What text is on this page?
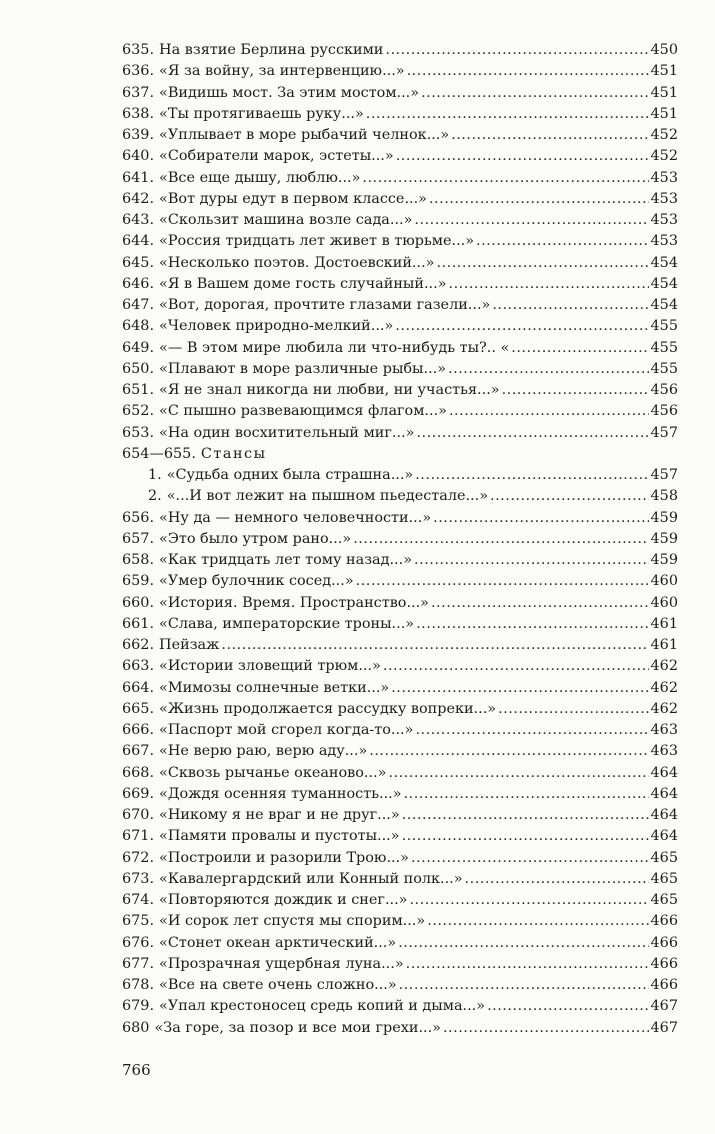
635. На взятие Берлина русскими .....	450
636. «Я за войну, за интервенцию...» .....	451
637. «Видишь мост. За этим мостом...» .....	451
638. «Ты протягиваешь руку...» .....	451
639. «Уплывает в море рыбачий челнок...» .....	452
640. «Собиратели марок, эстеты...» .....	452
641. «Все еще дышу, люблю...» .....	453
642. «Вот дуры едут в первом классе...» .....	453
643. «Скользит машина возле сада...» .....	453
644. «Россия тридцать лет живет в тюрьме...» .....	453
645. «Несколько поэтов. Достоевский...» .....	454
646. «Я в Вашем доме гость случайный...» .....	454
647. «Вот, дорогая, прочтите глазами газели...» .....	454
648. «Человек природно-мелкий...» .....	455
649. «— В этом мире любила ли что-нибудь ты?.. « .....	455
650. «Плавают в море различные рыбы...» .....	455
651. «Я не знал никогда ни любви, ни участья...» .....	456
652. «С пышно развевающимся флагом...» .....	456
653. «На один восхитительный миг...» .....	457
654—655. Стансы
1. «Судьба одних была страшна...» .....	457
2. «...И вот лежит на пышном пьедестале...» .....	458
656. «Ну да — немного человечности...» .....	459
657. «Это было утром рано...» .....	459
658. «Как тридцать лет тому назад...» .....	459
659. «Умер булочник сосед...» .....	460
660. «История. Время. Пространство...» .....	460
661. «Слава, императорские троны...» .....	461
662. Пейзаж .....	461
663. «Истории зловещий трюм...» .....	462
664. «Мимозы солнечные ветки...» .....	462
665. «Жизнь продолжается рассудку вопреки...» .....	462
666. «Паспорт мой сгорел когда-то...» .....	463
667. «Не верю раю, верю аду...» .....	463
668. «Сквозь рычанье океаново...» .....	464
669. «Дождя осенняя туманность...» .....	464
670. «Никому я не враг и не друг...» .....	464
671. «Памяти провалы и пустоты...» .....	464
672. «Построили и разорили Трою...» .....	465
673. «Кавалергардский или Конный полк...» .....	465
674. «Повторяются дождик и снег...» .....	465
675. «И сорок лет спустя мы спорим...» .....	466
676. «Стонет океан арктический...» .....	466
677. «Прозрачная ущербная луна...» .....	466
678. «Все на свете очень сложно...» .....	466
679. «Упал крестоносец средь копий и дыма...» .....	467
680 «За горе, за позор и все мои грехи...» .....	467
766
